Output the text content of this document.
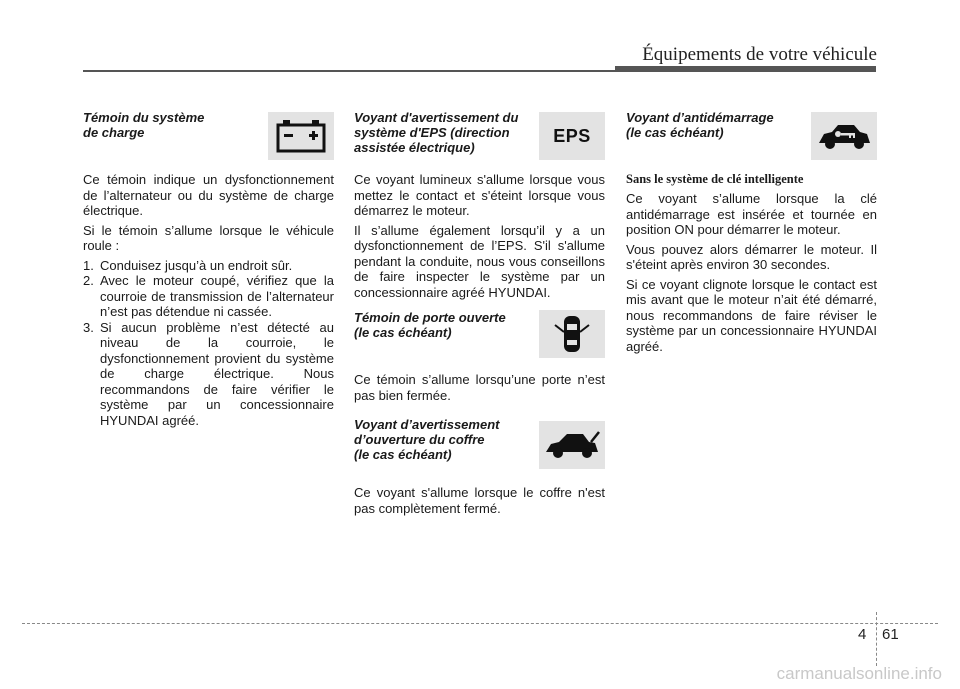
Équipements de votre véhicule
Témoin du système
de charge

Ce témoin indique un dysfonctionnement de l’alternateur ou du système de charge électrique.

Si le témoin s’allume lorsque le véhicule roule :

1. Conduisez jusqu’à un endroit sûr.
2. Avec le moteur coupé, vérifiez que la courroie de transmission de l’alternateur n’est pas détendue ni cassée.
3. Si aucun problème n’est détecté au niveau de la courroie, le dysfonctionnement provient du système de charge électrique. Nous recommandons de faire vérifier le système par un concessionnaire HYUNDAI agréé.
Voyant d'avertissement du système d'EPS (direction assistée électrique)
EPS

Ce voyant lumineux s'allume lorsque vous mettez le contact et s'éteint lorsque vous démarrez le moteur.

Il s’allume également lorsqu’il y a un dysfonctionnement de l’EPS. S'il s'allume pendant la conduite, nous vous conseillons de faire inspecter le système par un concessionnaire agréé HYUNDAI.

Témoin de porte ouverte
(le cas échéant)

Ce témoin s’allume lorsqu’une porte n’est pas bien fermée.

Voyant d’avertissement d’ouverture du coffre
(le cas échéant)

Ce voyant s'allume lorsque le coffre n'est pas complètement fermé.

Voyant d’antidémarrage
(le cas échéant)
Sans le système de clé intelligente

Ce voyant s’allume lorsque la clé antidémarrage est insérée et tournée en position ON pour démarrer le moteur.

Vous pouvez alors démarrer le moteur. Il s'éteint après environ 30 secondes.

Si ce voyant clignote lorsque le contact est mis avant que le moteur n’ait été démarré, nous recommandons de faire réviser le système par un concessionnaire HYUNDAI agréé.

4 61
carmanualsonline.info
